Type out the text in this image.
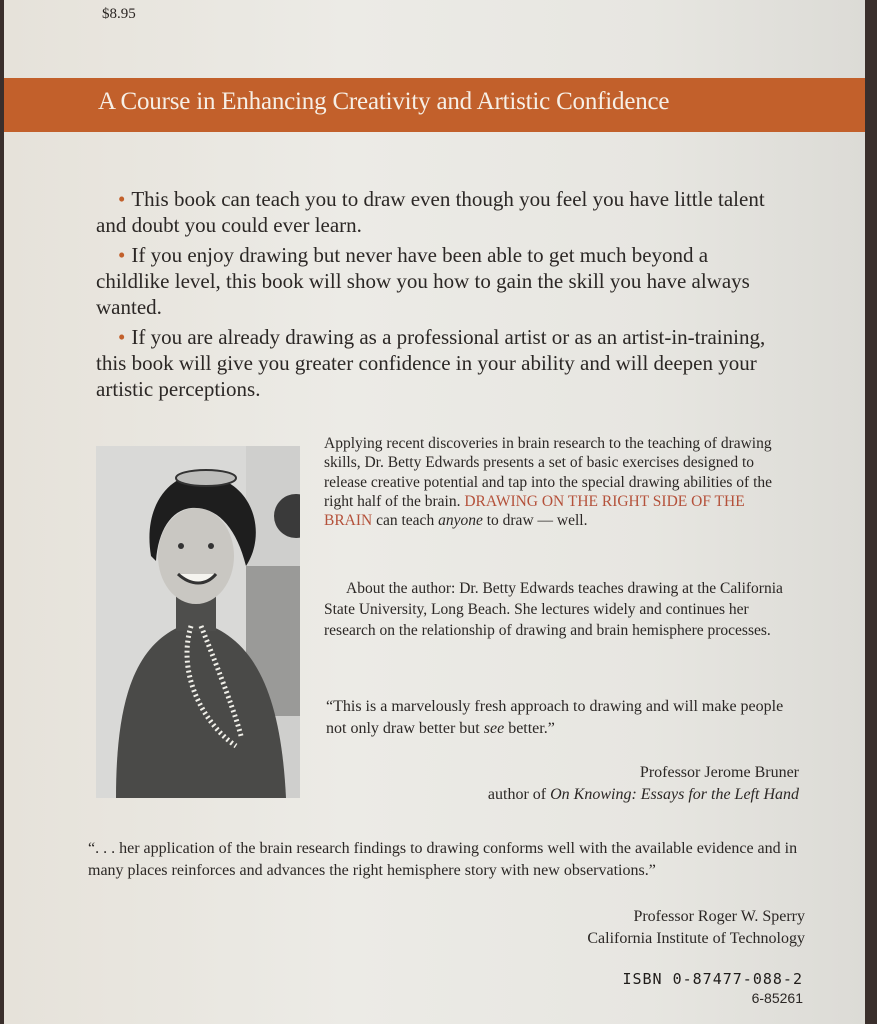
$8.95
A Course in Enhancing Creativity and Artistic Confidence

• This book can teach you to draw even though you feel you have little talent and doubt you could ever learn.

• If you enjoy drawing but never have been able to get much beyond a childlike level, this book will show you how to gain the skill you have always wanted.

• If you are already drawing as a professional artist or as an artist-in-training, this book will give you greater confidence in your ability and will deepen your artistic perceptions.

Applying recent discoveries in brain research to the teaching of drawing skills, Dr. Betty Edwards presents a set of basic exercises designed to release creative potential and tap into the special drawing abilities of the right half of the brain. DRAWING ON THE RIGHT SIDE OF THE BRAIN can teach anyone to draw — well.
About the author: Dr. Betty Edwards teaches drawing at the California State University, Long Beach. She lectures widely and continues her research on the relationship of drawing and brain hemisphere processes.
“This is a marvelously fresh approach to drawing and will make people not only draw better but see better.”
Professor Jerome Bruner
author of On Knowing: Essays for the Left Hand
“. . . her application of the brain research findings to drawing conforms well with the available evidence and in many places reinforces and advances the right hemisphere story with new observations.”
Professor Roger W. Sperry
California Institute of Technology
ISBN 0-87477-088-2
6-85261
